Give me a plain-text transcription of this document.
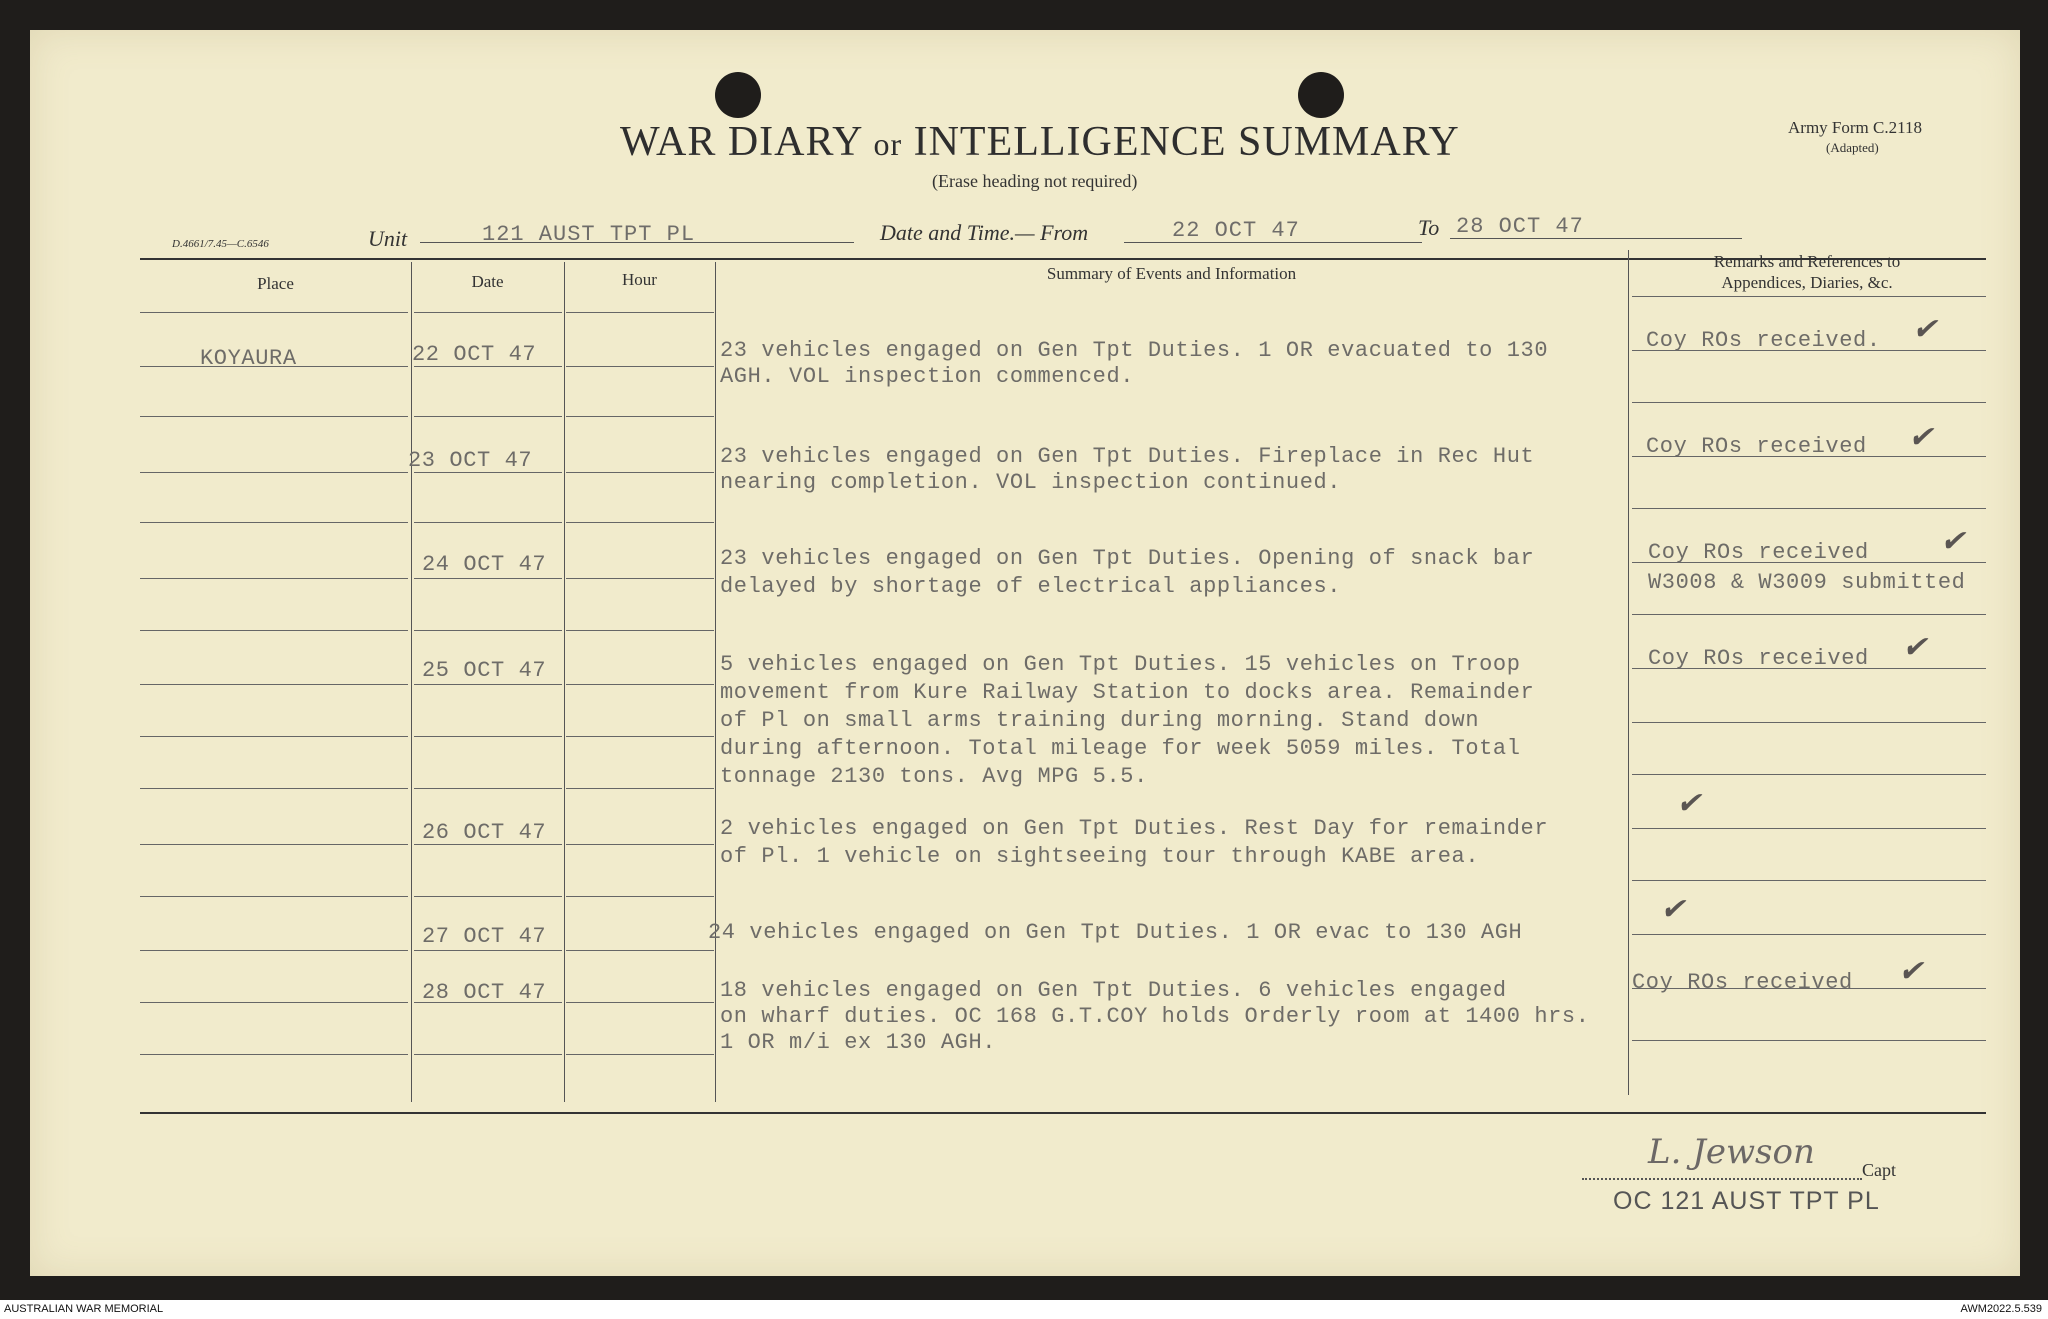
WAR DIARY or INTELLIGENCE SUMMARY
(Erase heading not required)
Army Form C.2118
(Adapted)
D.4661/7.45—C.6546	Unit	121 AUST TPT PL	Date and Time.— From	22 OCT 47	To 28 OCT 47
Place	Date	Hour	Summary of Events and Information
Remarks and References to
Appendices, Diaries, &c.
KOYAURA	22 OCT 47	23 vehicles engaged on Gen Tpt Duties. 1 OR evacuated to 130
AGH. VOL inspection commenced.
Coy ROs received. ✔
23 OCT 47	23 vehicles engaged on Gen Tpt Duties. Fireplace in Rec Hut
nearing completion. VOL inspection continued.
Coy ROs received ✔
24 OCT 47	23 vehicles engaged on Gen Tpt Duties. Opening of snack bar
delayed by shortage of electrical appliances.
Coy ROs received
W3008 & W3009 submitted
✔
25 OCT 47	5 vehicles engaged on Gen Tpt Duties. 15 vehicles on Troop
movement from Kure Railway Station to docks area. Remainder
of Pl on small arms training during morning. Stand down
during afternoon. Total mileage for week 5059 miles. Total
tonnage 2130 tons. Avg MPG 5.5.
Coy ROs received ✔
26 OCT 47	2 vehicles engaged on Gen Tpt Duties. Rest Day for remainder
of Pl. 1 vehicle on sightseeing tour through KABE area.
✔
27 OCT 47	24 vehicles engaged on Gen Tpt Duties. 1 OR evac to 130 AGH
✔
28 OCT 47	18 vehicles engaged on Gen Tpt Duties. 6 vehicles engaged
on wharf duties. OC 168 G.T.COY holds Orderly room at 1400 hrs.
1 OR m/i ex 130 AGH.
Coy ROs received ✔
L. Jewson	Capt
OC 121 AUST TPT PL
AUSTRALIAN WAR MEMORIAL	AWM2022.5.539
